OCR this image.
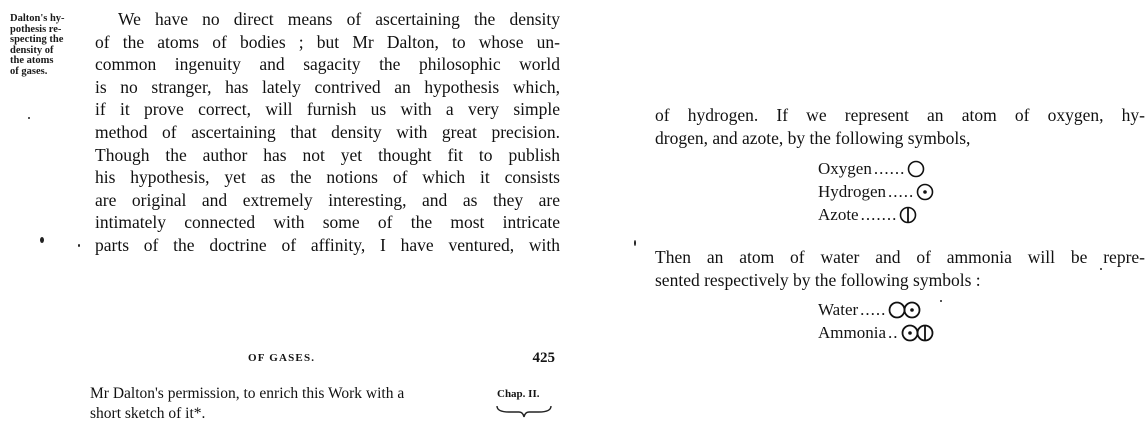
Dalton's hy-
pothesis re-
specting the
density of
the atoms
of gases.
We have no direct means of ascertaining the density
of the atoms of bodies ; but Mr Dalton, to whose un-
common ingenuity and sagacity the philosophic world
is no stranger, has lately contrived an hypothesis which,
if it prove correct, will furnish us with a very simple
method of ascertaining that density with great precision.
Though the author has not yet thought fit to publish
his hypothesis, yet as the notions of which it consists
are original and extremely interesting, and as they are
intimately connected with some of the most intricate
parts of the doctrine of affinity, I have ventured, with
OF GASES.	425
Mr Dalton's permission, to enrich this Work with a
short sketch of it*.
Chap. II.
of hydrogen. If we represent an atom of oxygen, hy-
drogen, and azote, by the following symbols,
Oxygen ......
Hydrogen .....
Azote .......
Then an atom of water and of ammonia will be repre-
sented respectively by the following symbols :
Water .....
Ammonia ..
